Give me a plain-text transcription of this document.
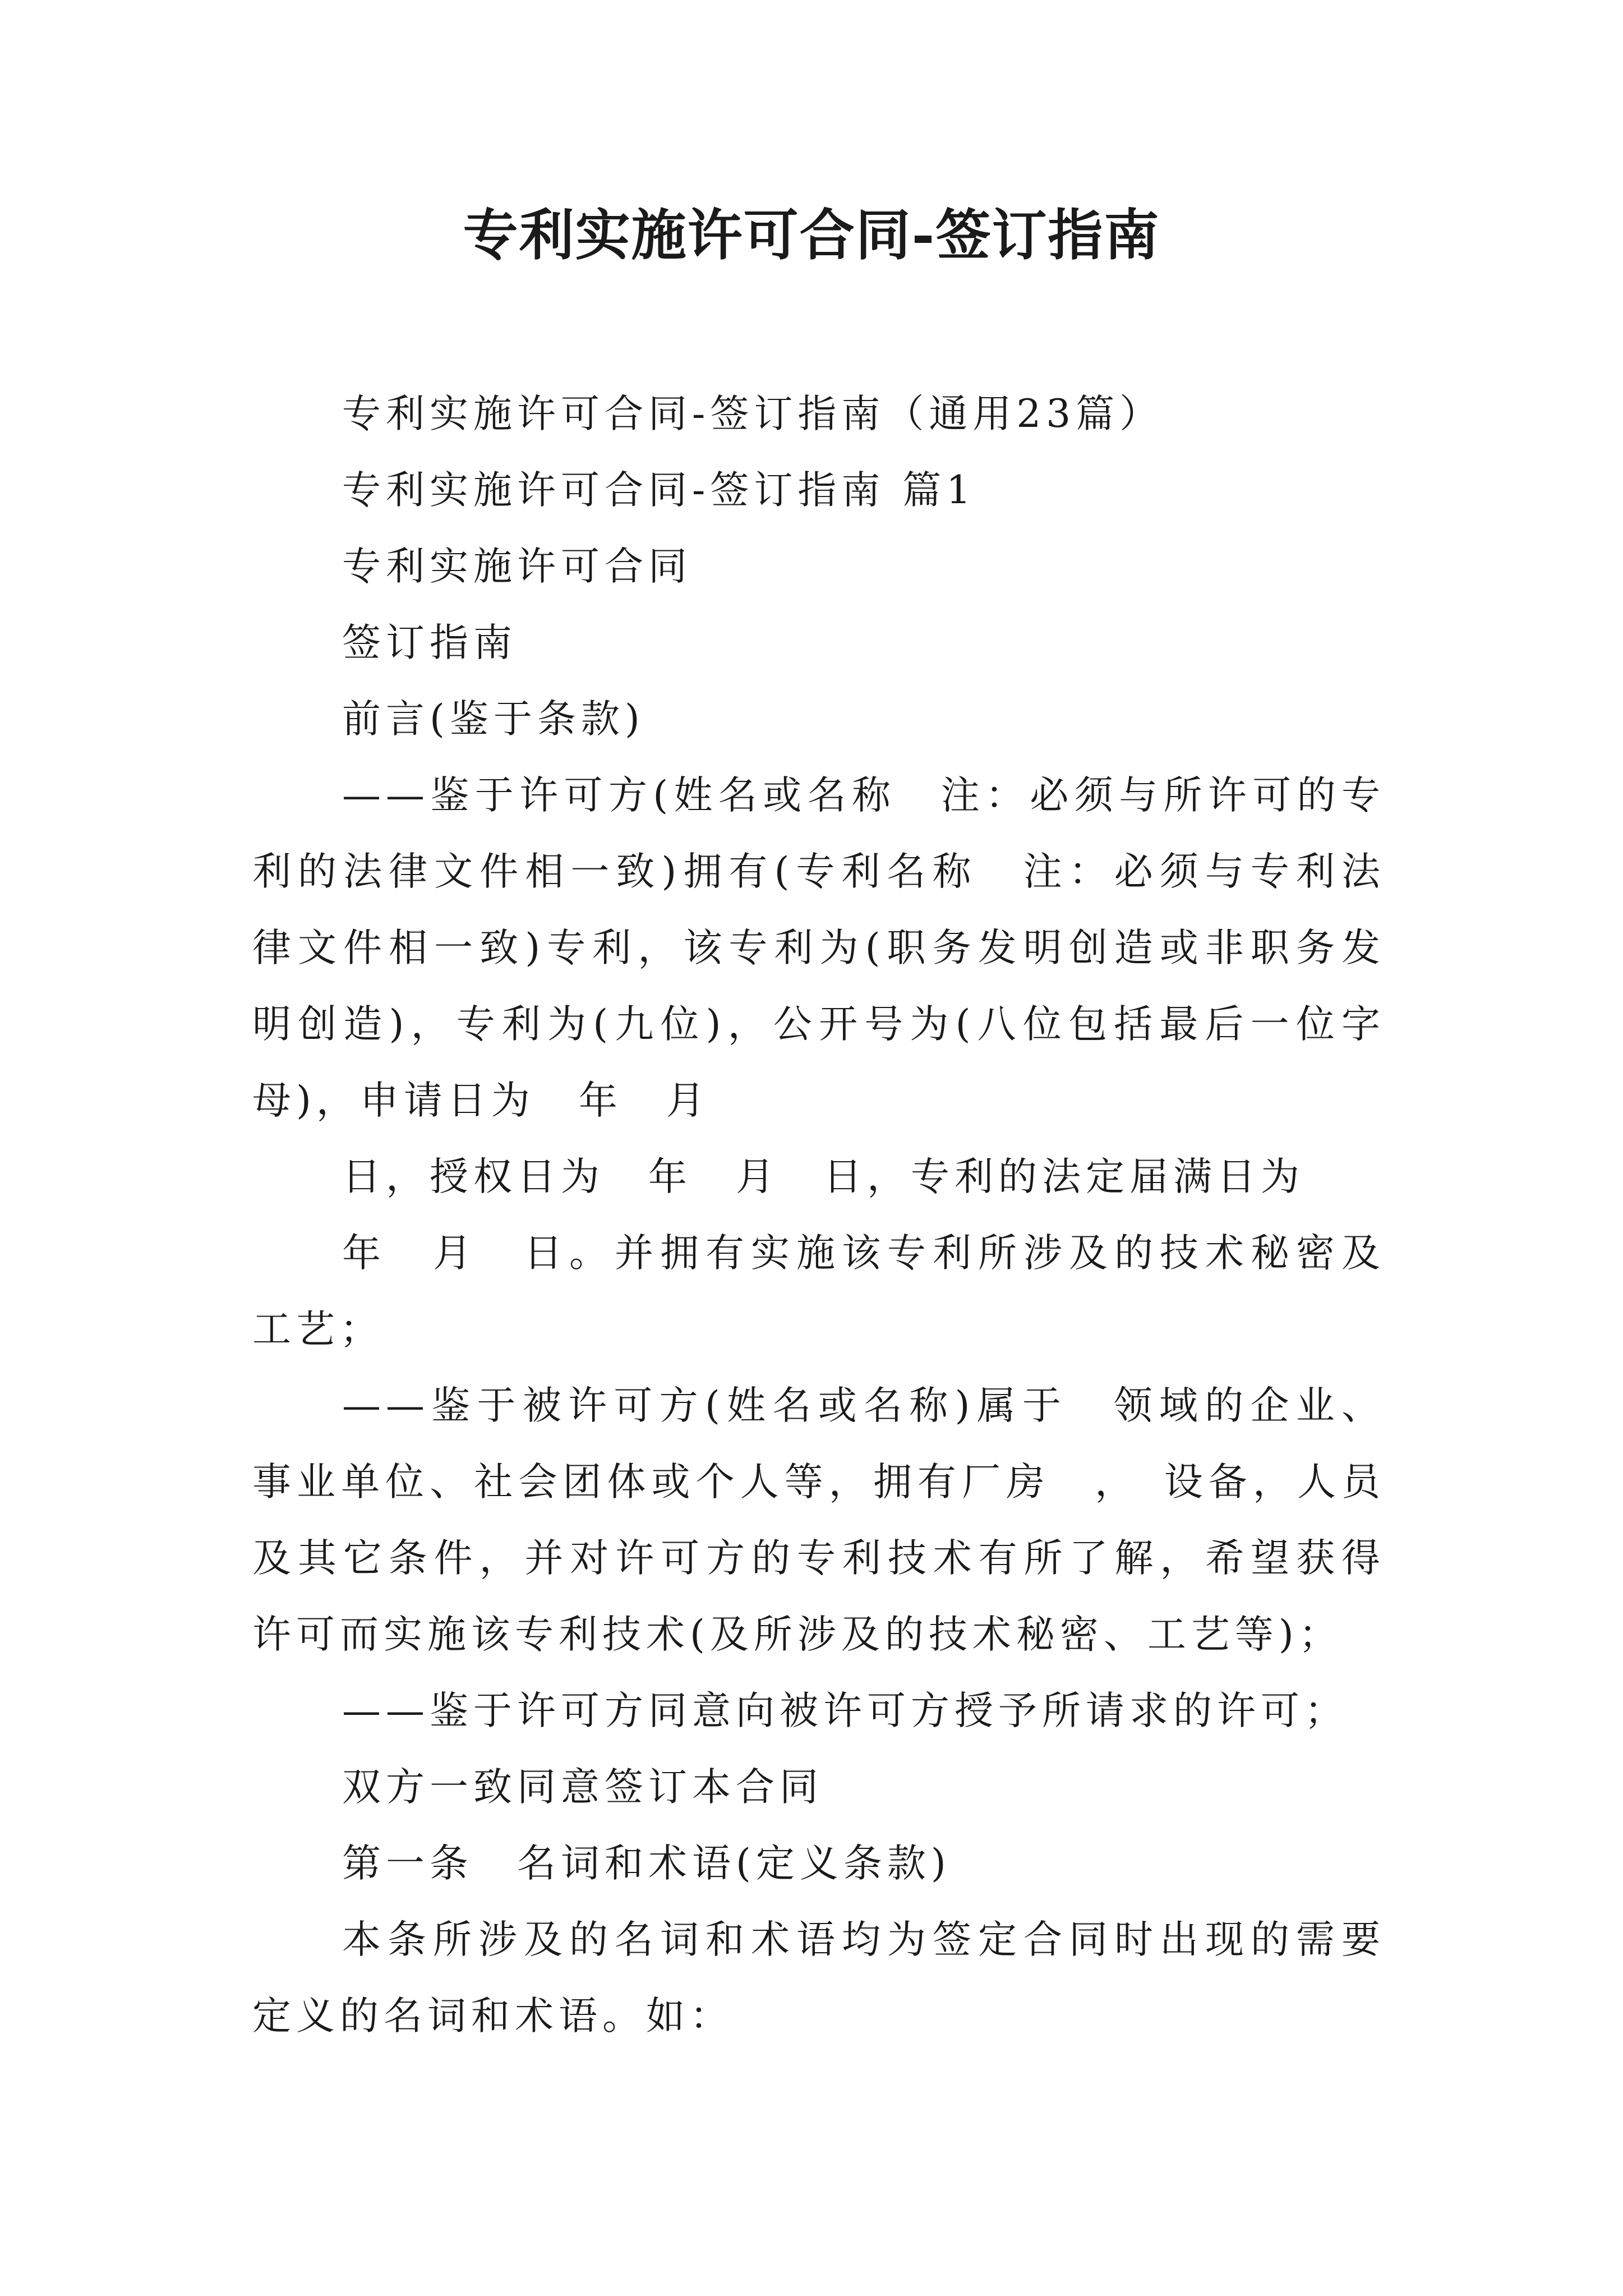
专利实施许可合同-签订指南

专利实施许可合同-签订指南（通用23篇）

专利实施许可合同-签订指南 篇1

专利实施许可合同

签订指南

前言(鉴于条款)

——鉴于许可方(姓名或名称　注：必须与所许可的专利的法律文件相一致)拥有(专利名称　注：必须与专利法律文件相一致)专利，该专利为(职务发明创造或非职务发明创造)，专利为(九位)，公开号为(八位包括最后一位字母)，申请日为　年　月

日，授权日为　年　月　日，专利的法定届满日为

年　月　日。并拥有实施该专利所涉及的技术秘密及工艺；

——鉴于被许可方(姓名或名称)属于　领域的企业、事业单位、社会团体或个人等，拥有厂房　，　设备，人员　及其它条件，并对许可方的专利技术有所了解，希望获得许可而实施该专利技术(及所涉及的技术秘密、工艺等)；

——鉴于许可方同意向被许可方授予所请求的许可；

双方一致同意签订本合同

第一条　名词和术语(定义条款)

本条所涉及的名词和术语均为签定合同时出现的需要定义的名词和术语。如：
